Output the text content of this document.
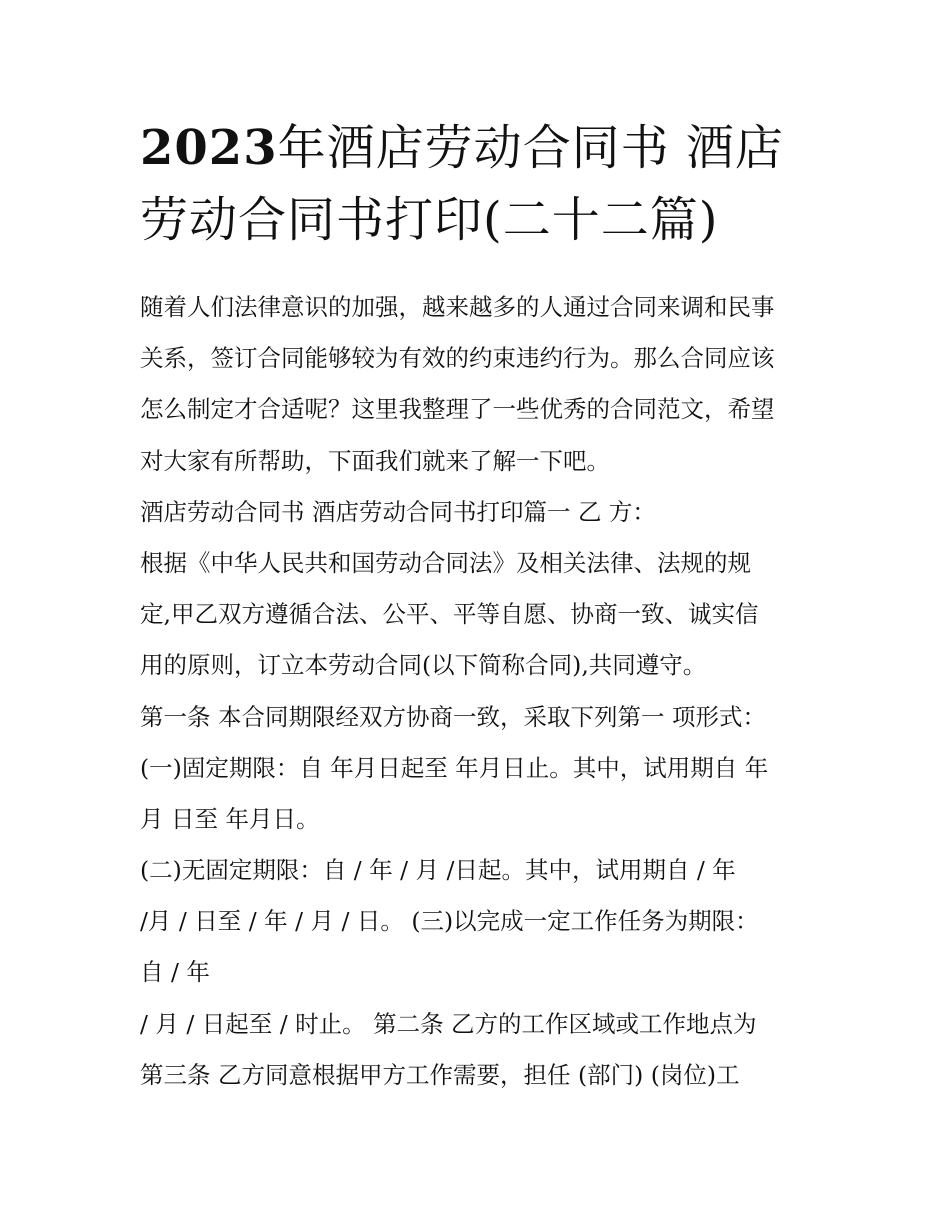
2023年酒店劳动合同书 酒店
劳动合同书打印(二十二篇)
随着人们法律意识的加强，越来越多的人通过合同来调和民事
关系，签订合同能够较为有效的约束违约行为。那么合同应该
怎么制定才合适呢？这里我整理了一些优秀的合同范文，希望
对大家有所帮助，下面我们就来了解一下吧。
酒店劳动合同书 酒店劳动合同书打印篇一 乙 方：
根据《中华人民共和国劳动合同法》及相关法律、法规的规
定,甲乙双方遵循合法、公平、平等自愿、协商一致、诚实信
用的原则，订立本劳动合同(以下简称合同),共同遵守。
第一条 本合同期限经双方协商一致，采取下列第一 项形式：
(一)固定期限：自 年月日起至 年月日止。其中，试用期自 年
月 日至 年月日。
(二)无固定期限：自 / 年 / 月 /日起。其中，试用期自 / 年
/月 / 日至 / 年 / 月 / 日。 (三)以完成一定工作任务为期限：
自 / 年
/ 月 / 日起至 / 时止。 第二条 乙方的工作区域或工作地点为
第三条 乙方同意根据甲方工作需要，担任 (部门) (岗位)工
